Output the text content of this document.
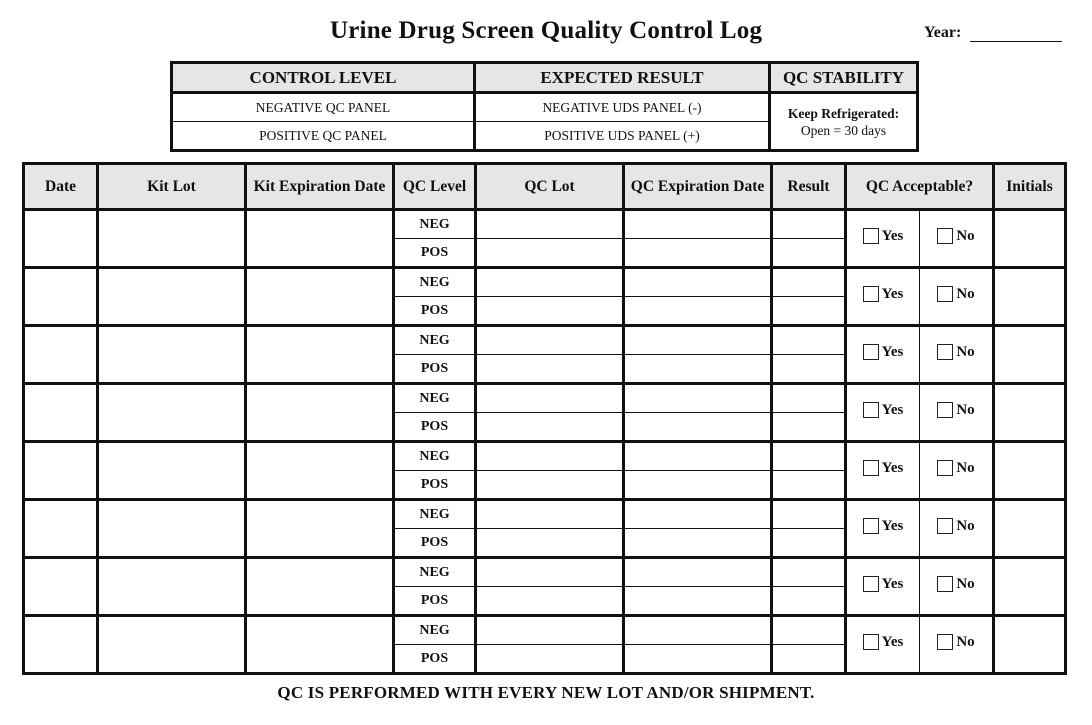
Urine Drug Screen Quality Control Log	Year:
CONTROL LEVEL	EXPECTED RESULT	QC STABILITY
NEGATIVE QC PANEL	NEGATIVE UDS PANEL (-)	Keep Refrigerated:
Open = 30 days

POSITIVE QC PANEL	POSITIVE UDS PANEL (+)	
Date	Kit Lot	Kit Expiration Date	QC Level	QC Lot	QC Expiration Date	Result	QC Acceptable?		Initials
			NEG				Yes	No	

			POS						
			NEG				Yes	No	

			POS						
			NEG				Yes	No	

			POS						
			NEG				Yes	No	

			POS						
			NEG				Yes	No	

			POS						
			NEG				Yes	No	

			POS						
			NEG				Yes	No	

			POS						
			NEG				Yes	No	

			POS						
QC IS PERFORMED WITH EVERY NEW LOT AND/OR SHIPMENT.
